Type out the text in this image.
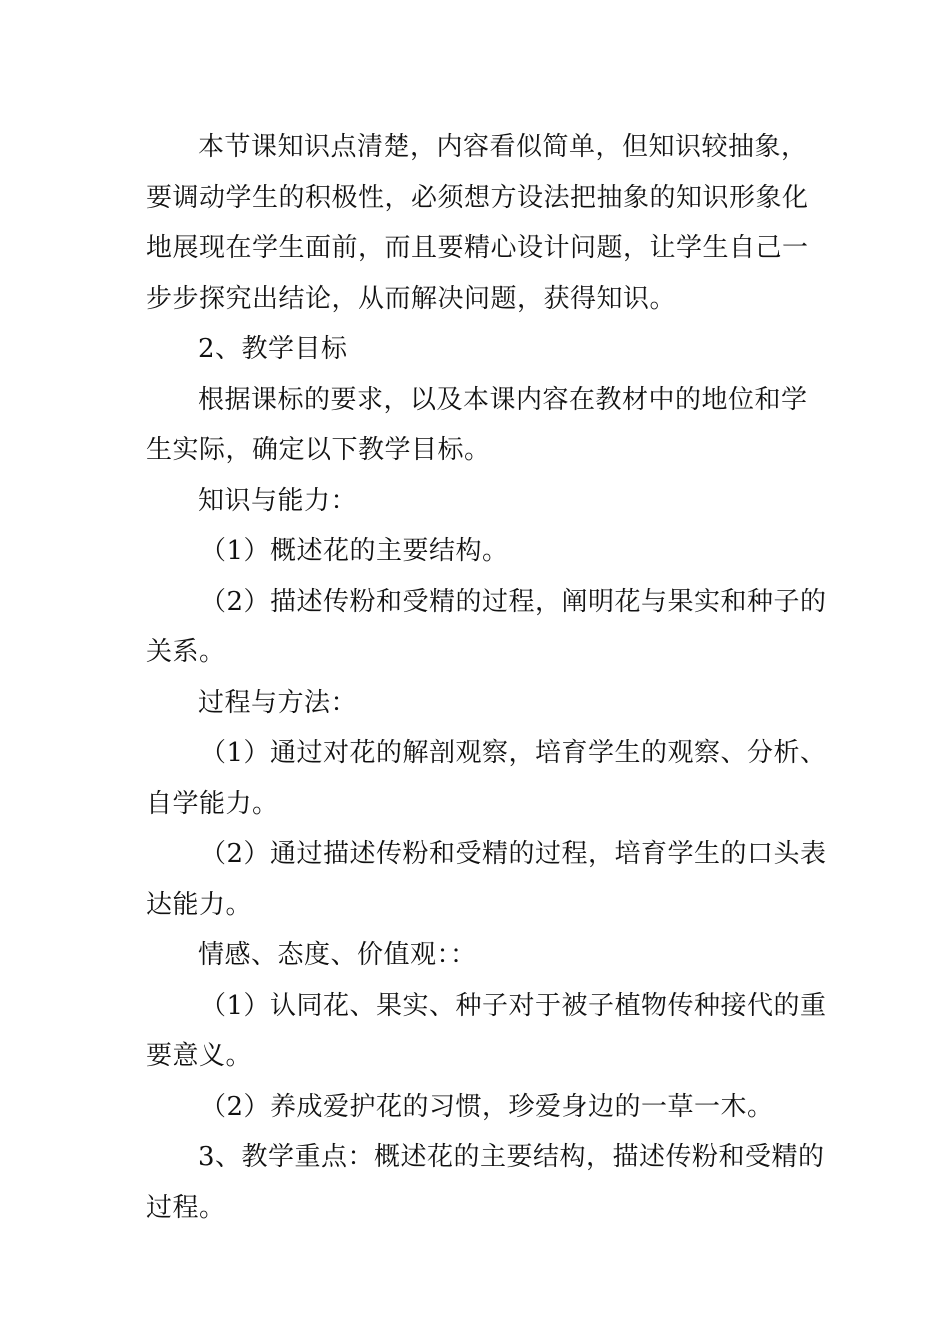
本节课知识点清楚，内容看似简单，但知识较抽象，
要调动学生的积极性，必须想方设法把抽象的知识形象化
地展现在学生面前，而且要精心设计问题，让学生自己一
步步探究出结论，从而解决问题，获得知识。

2、教学目标

根据课标的要求，以及本课内容在教材中的地位和学
生实际，确定以下教学目标。

知识与能力：

（1）概述花的主要结构。

（2）描述传粉和受精的过程，阐明花与果实和种子的
关系。

过程与方法：

（1）通过对花的解剖观察，培育学生的观察、分析、
自学能力。

（2）通过描述传粉和受精的过程，培育学生的口头表
达能力。

情感、态度、价值观：：

（1）认同花、果实、种子对于被子植物传种接代的重
要意义。

（2）养成爱护花的习惯，珍爱身边的一草一木。

3、教学重点：概述花的主要结构，描述传粉和受精的
过程。
